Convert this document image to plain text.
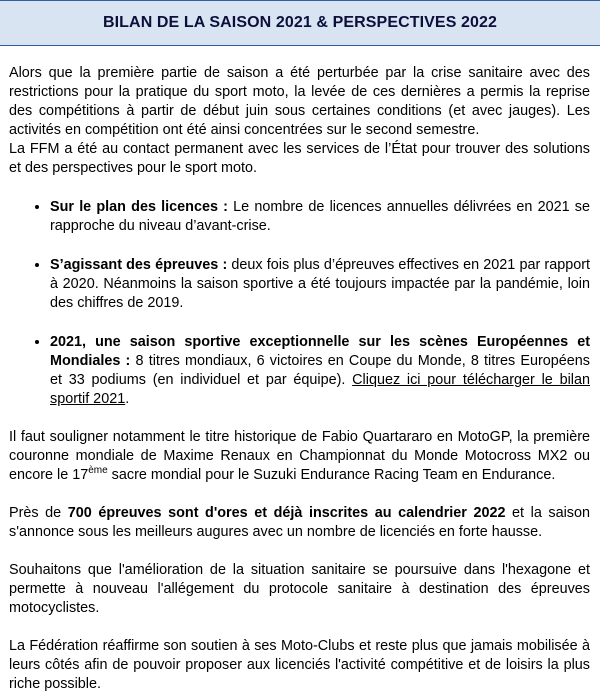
BILAN DE LA SAISON 2021 & PERSPECTIVES 2022

Alors que la première partie de saison a été perturbée par la crise sanitaire avec des restrictions pour la pratique du sport moto, la levée de ces dernières a permis la reprise des compétitions à partir de début juin sous certaines conditions (et avec jauges). Les activités en compétition ont été ainsi concentrées sur le second semestre.

La FFM a été au contact permanent avec les services de l’État pour trouver des solutions et des perspectives pour le sport moto.

• Sur le plan des licences : Le nombre de licences annuelles délivrées en 2021 se rapproche du niveau d’avant-crise.
• S’agissant des épreuves : deux fois plus d’épreuves effectives en 2021 par rapport à 2020. Néanmoins la saison sportive a été toujours impactée par la pandémie, loin des chiffres de 2019.
• 2021, une saison sportive exceptionnelle sur les scènes Européennes et Mondiales : 8 titres mondiaux, 6 victoires en Coupe du Monde, 8 titres Européens et 33 podiums (en individuel et par équipe). Cliquez ici pour télécharger le bilan sportif 2021.

Il faut souligner notamment le titre historique de Fabio Quartararo en MotoGP, la première couronne mondiale de Maxime Renaux en Championnat du Monde Motocross MX2 ou encore le 17ème sacre mondial pour le Suzuki Endurance Racing Team en Endurance.

Près de 700 épreuves sont d'ores et déjà inscrites au calendrier 2022 et la saison s'annonce sous les meilleurs augures avec un nombre de licenciés en forte hausse.

Souhaitons que l'amélioration de la situation sanitaire se poursuive dans l'hexagone et permette à nouveau l'allégement du protocole sanitaire à destination des épreuves motocyclistes.

La Fédération réaffirme son soutien à ses Moto-Clubs et reste plus que jamais mobilisée à leurs côtés afin de pouvoir proposer aux licenciés l'activité compétitive et de loisirs la plus riche possible.
